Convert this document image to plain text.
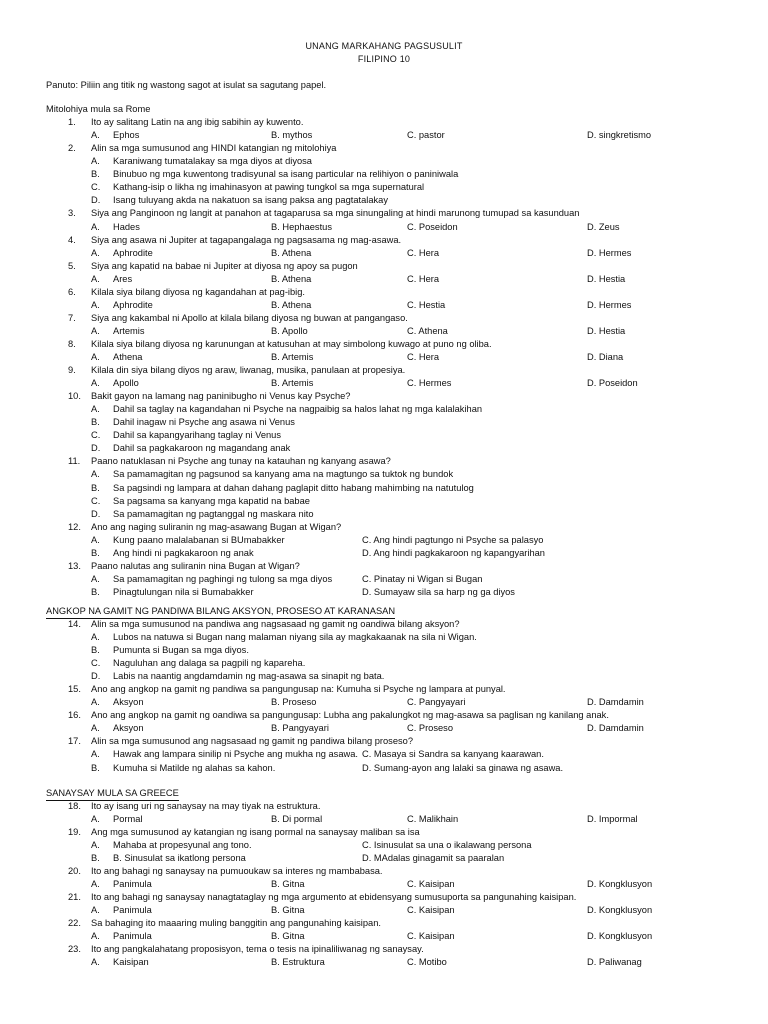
UNANG MARKAHANG PAGSUSULIT
FILIPINO 10
Panuto: Piliin ang titik ng wastong sagot at isulat sa sagutang papel.
Mitolohiya mula sa Rome
1. Ito ay salitang Latin na ang ibig sabihin ay kuwento.
A. Ephos	B. mythos	C. pastor	D. singkretismo
2. Alin sa mga sumusunod ang HINDI katangian ng mitolohiya
A. Karaniwang tumatalakay sa mga diyos at diyosa
B. Binubuo ng mga kuwentong tradisyunal sa isang particular na relihiyon o paniniwala
C. Kathang-isip o likha ng imahinasyon at pawing tungkol sa mga supernatural
D. Isang tuluyang akda na nakatuon sa isang paksa ang pagtatalakay
3. Siya ang Panginoon ng langit at panahon at tagaparusa sa mga sinungaling at hindi marunong tumupad sa kasunduan
A. Hades	B. Hephaestus	C. Poseidon	D. Zeus
4. Siya ang asawa ni Jupiter at tagapangalaga ng pagsasama ng mag-asawa.
A. Aphrodite	B. Athena	C. Hera	D. Hermes
5. Siya ang kapatid na babae ni Jupiter at diyosa ng apoy sa pugon
A. Ares	B. Athena	C. Hera	D. Hestia
6. Kilala siya bilang diyosa ng kagandahan at pag-ibig.
A. Aphrodite	B. Athena	C. Hestia	D. Hermes
7. Siya ang kakambal ni Apollo at kilala bilang diyosa ng buwan at pangangaso.
A. Artemis	B. Apollo	C. Athena	D. Hestia
8. Kilala siya bilang diyosa ng karunungan at katusuhan at may simbolong kuwago at puno ng oliba.
A. Athena	B. Artemis	C. Hera	D. Diana
9. Kilala din siya bilang diyos ng araw, liwanag, musika, panulaan at propesiya.
A. Apollo	B. Artemis	C. Hermes	D. Poseidon
10. Bakit gayon na lamang nag paninibugho ni Venus kay Psyche?
A. Dahil sa taglay na kagandahan ni Psyche na nagpaibig sa halos lahat ng mga kalalakihan
B. Dahil inagaw ni Psyche ang asawa ni Venus
C. Dahil sa kapangyarihang taglay ni Venus
D. Dahil sa pagkakaroon ng magandang anak
11. Paano natuklasan ni Psyche ang tunay na katauhan ng kanyang asawa?
A. Sa pamamagitan ng pagsunod sa kanyang ama na magtungo sa tuktok ng bundok
B. Sa pagsindi ng lampara at dahan dahang paglapit ditto habang mahimbing na natutulog
C. Sa pagsama sa kanyang mga kapatid na babae
D. Sa pamamagitan ng pagtanggal ng maskara nito
12. Ano ang naging suliranin ng mag-asawang Bugan at Wigan?
A. Kung paano malalabanan si BUmabakker	C. Ang hindi pagtungo ni Psyche sa palasyo
B. Ang hindi ni pagkakaroon ng anak	D. Ang hindi pagkakaroon ng kapangyarihan
13. Paano nalutas ang suliranin nina Bugan at Wigan?
A. Sa pamamagitan ng paghingi ng tulong sa mga diyos	C. Pinatay ni Wigan si Bugan
B. Pinagtulungan nila si Bumabakker	D. Sumayaw sila sa harp ng ga diyos
ANGKOP NA GAMIT NG PANDIWA BILANG AKSYON, PROSESO AT KARANASAN
14. Alin sa mga sumusunod na pandiwa ang nagsasaad ng gamit ng oandiwa bilang aksyon?
A. Lubos na natuwa si Bugan nang malaman niyang sila ay magkakaanak na sila ni Wigan.
B. Pumunta si Bugan sa mga diyos.
C. Naguluhan ang dalaga sa pagpili ng kapareha.
D. Labis na naantig angdamdamin ng mag-asawa sa sinapit ng bata.
15. Ano ang angkop na gamit ng pandiwa sa pangungusap na: Kumuha si Psyche ng lampara at punyal.
A. Aksyon	B. Proseso	C. Pangyayari	D. Damdamin
16. Ano ang angkop na gamit ng oandiwa sa pangungusap: Lubha ang pakalungkot ng mag-asawa sa paglisan ng kanilang anak.
A. Aksyon	B. Pangyayari	C. Proseso	D. Damdamin
17. Alin sa mga sumusunod ang nagsasaad ng gamit ng pandiwa bilang proseso?
A. Hawak ang lampara sinilip ni Psyche ang mukha ng asawa. C. Masaya si Sandra sa kanyang kaarawan.
B. Kumuha si Matilde ng alahas sa kahon.	D. Sumang-ayon ang lalaki sa ginawa ng asawa.
SANAYSAY MULA SA GREECE
18. Ito ay isang uri ng sanaysay na may tiyak na estruktura.
A. Pormal	B. Di pormal	C. Malikhain	D. Impormal
19. Ang mga sumusunod ay katangian ng isang pormal na sanaysay maliban sa isa
A. Mahaba at propesyunal ang tono.	C. Isinusulat sa una o ikalawang persona
B. B. Sinusulat sa ikatlong persona	D. MAdalas ginagamit sa paaralan
20. Ito ang bahagi ng sanaysay na pumuoukaw sa interes ng mambabasa.
A. Panimula	B. Gitna	C. Kaisipan	D. Kongklusyon
21. Ito ang bahagi ng sanaysay nanagtataglay ng mga argumento at ebidensyang sumusuporta sa pangunahing kaisipan.
A. Panimula	B. Gitna	C. Kaisipan	D. Kongklusyon
22. Sa bahaging ito maaaring muling banggitin ang pangunahing kaisipan.
A. Panimula	B. Gitna	C. Kaisipan	D. Kongklusyon
23. Ito ang pangkalahatang proposisyon, tema o tesis na ipinaliliwanag ng sanaysay.
A. Kaisipan	B. Estruktura	C. Motibo	D. Paliwanag
